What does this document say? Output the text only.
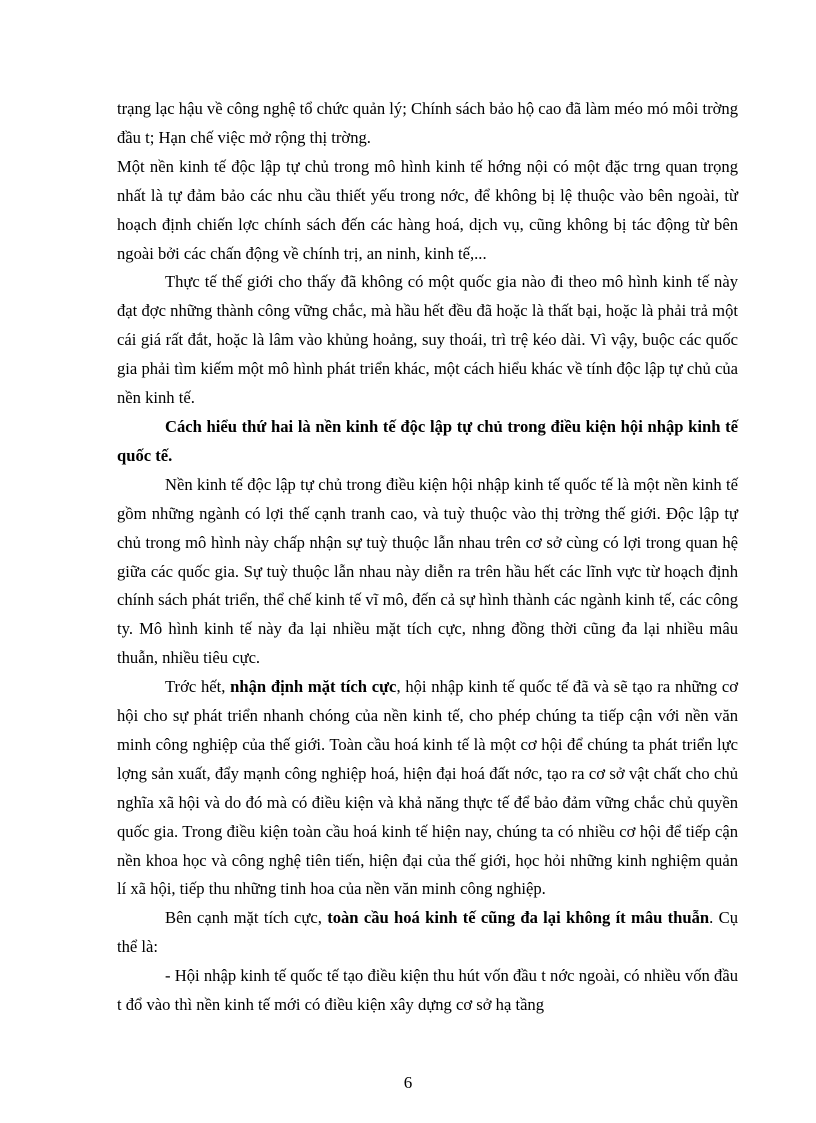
trạng lạc hậu về công nghệ tổ chức quản lý; Chính sách bảo hộ cao đã làm méo mó môi trờng đầu t; Hạn chế việc mở rộng thị trờng.

Một nền kinh tế độc lập tự chủ trong mô hình kinh tế hớng nội có một đặc trng quan trọng nhất là tự đảm bảo các nhu cầu thiết yếu trong nớc, để không bị lệ thuộc vào bên ngoài, từ hoạch định chiến lợc chính sách đến các hàng hoá, dịch vụ, cũng không bị tác động từ bên ngoài bởi các chấn động về chính trị, an ninh, kinh tế,...

Thực tế thế giới cho thấy đã không có một quốc gia nào đi theo mô hình kinh tế này đạt đợc những thành công vững chắc, mà hầu hết đều đã hoặc là thất bại, hoặc là phải trả một cái giá rất đắt, hoặc là lâm vào khủng hoảng, suy thoái, trì trệ kéo dài. Vì vậy, buộc các quốc gia phải tìm kiếm một mô hình phát triển khác, một cách hiểu khác về tính độc lập tự chủ của nền kinh tế.

Cách hiểu thứ hai là nền kinh tế độc lập tự chủ trong điều kiện hội nhập kinh tế quốc tế.

Nền kinh tế độc lập tự chủ trong điều kiện hội nhập kinh tế quốc tế là một nền kinh tế gồm những ngành có lợi thế cạnh tranh cao, và tuỳ thuộc vào thị trờng thế giới. Độc lập tự chủ trong mô hình này chấp nhận sự tuỳ thuộc lẫn nhau trên cơ sở cùng có lợi trong quan hệ giữa các quốc gia. Sự tuỳ thuộc lẫn nhau này diễn ra trên hầu hết các lĩnh vực từ hoạch định chính sách phát triển, thể chế kinh tế vĩ mô, đến cả sự hình thành các ngành kinh tế, các công ty. Mô hình kinh tế này đa lại nhiều mặt tích cực, nhng đồng thời cũng đa lại nhiều mâu thuẫn, nhiều tiêu cực.

Trớc hết, nhận định mặt tích cực, hội nhập kinh tế quốc tế đã và sẽ tạo ra những cơ hội cho sự phát triển nhanh chóng của nền kinh tế, cho phép chúng ta tiếp cận với nền văn minh công nghiệp của thế giới. Toàn cầu hoá kinh tế là một cơ hội để chúng ta phát triển lực lợng sản xuất, đẩy mạnh công nghiệp hoá, hiện đại hoá đất nớc, tạo ra cơ sở vật chất cho chủ nghĩa xã hội và do đó mà có điều kiện và khả năng thực tế để bảo đảm vững chắc chủ quyền quốc gia. Trong điều kiện toàn cầu hoá kinh tế hiện nay, chúng ta có nhiều cơ hội để tiếp cận nền khoa học và công nghệ tiên tiến, hiện đại của thế giới, học hỏi những kinh nghiệm quản lí xã hội, tiếp thu những tinh hoa của nền văn minh công nghiệp.

Bên cạnh mặt tích cực, toàn cầu hoá kinh tế cũng đa lại không ít mâu thuẫn. Cụ thể là:

- Hội nhập kinh tế quốc tế tạo điều kiện thu hút vốn đầu t nớc ngoài, có nhiều vốn đầu t đổ vào thì nền kinh tế mới có điều kiện xây dựng cơ sở hạ tầng

6
